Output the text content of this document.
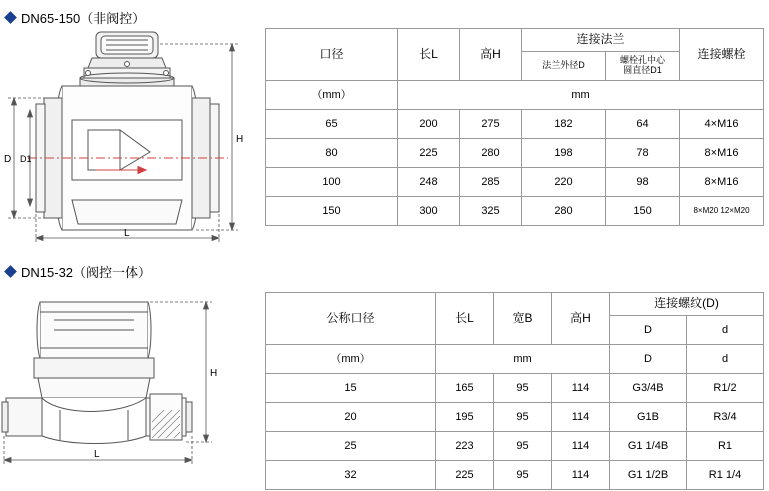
DN65-150（非阀控）
H
D D1
L
口径	长L	高H	连接法兰		连接螺栓
			法兰外径D	螺栓孔中心
圆直径D1	

（mm）	mm				
65	200	275	182	64	4×M16
80	225	280	198	78	8×M16
100	248	285	220	98	8×M16
150	300	325	280	150	8×M20 12×M20
DN15-32（阀控一体）
H
L
公称口径	长L	宽B	高H	连接螺纹(D)	
				D	d
（mm）	mm			D	d
15	165	95	114	G3/4B	R1/2
20	195	95	114	G1B	R3/4
25	223	95	114	G1 1/4B	R1
32	225	95	114	G1 1/2B	R1 1/4
